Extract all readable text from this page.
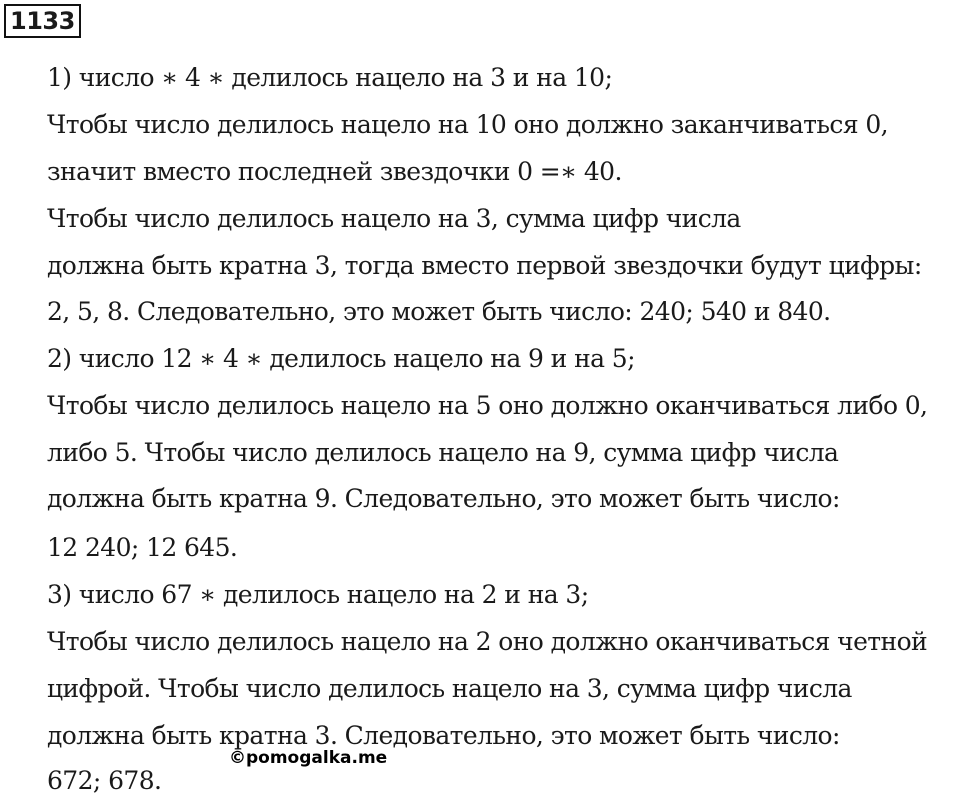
1133
1) число ∗ 4 ∗ делилось нацело на 3 и на 10;
Чтобы число делилось нацело на 10 оно должно заканчиваться 0,
значит вместо последней звездочки 0 =∗ 40.
Чтобы число делилось нацело на 3, сумма цифр числа
должна быть кратна 3, тогда вместо первой звездочки будут цифры:
2, 5, 8. Следовательно, это может быть число: 240; 540 и 840.
2) число 12 ∗ 4 ∗ делилось нацело на 9 и на 5;
Чтобы число делилось нацело на 5 оно должно оканчиваться либо 0,
либо 5. Чтобы число делилось нацело на 9, сумма цифр числа
должна быть кратна 9. Следовательно, это может быть число:
12 240; 12 645.
3) число 67 ∗ делилось нацело на 2 и на 3;
Чтобы число делилось нацело на 2 оно должно оканчиваться четной
цифрой. Чтобы число делилось нацело на 3, сумма цифр числа
должна быть кратна 3. Следовательно, это может быть число:
672; 678.
©pomogalka.me
